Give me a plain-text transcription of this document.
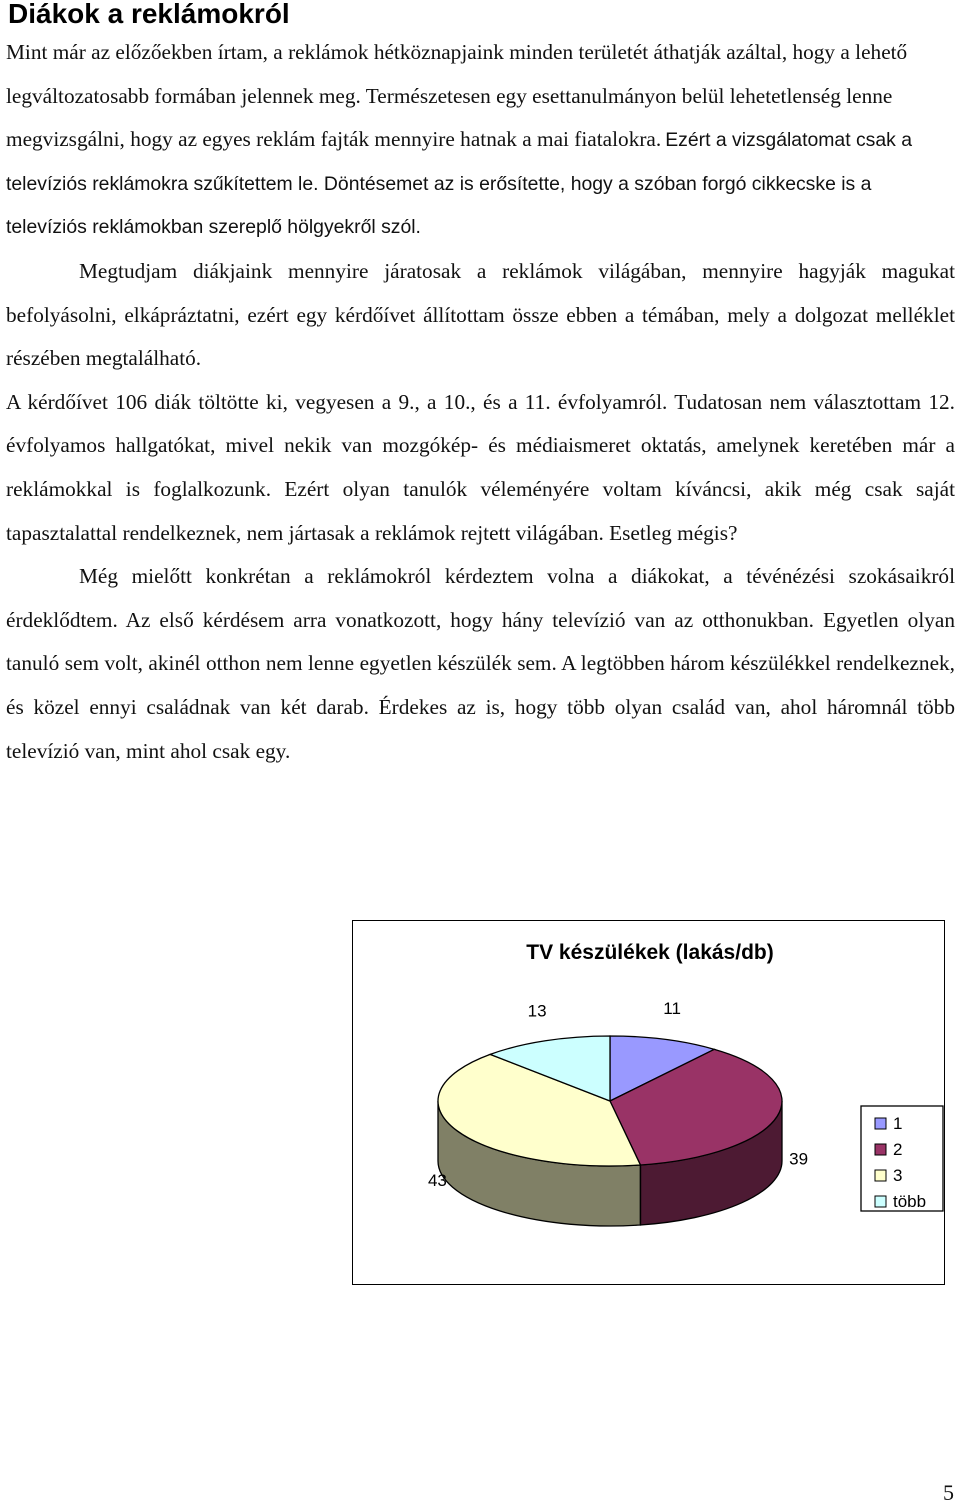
Diákok a reklámokról

Mint már az előzőekben írtam, a reklámok hétköznapjaink minden területét áthatják azáltal, hogy a lehető legváltozatosabb formában jelennek meg. Természetesen egy esettanulmányon belül lehetetlenség lenne megvizsgálni, hogy az egyes reklám fajták mennyire hatnak a mai fiatalokra. Ezért a vizsgálatomat csak a televíziós reklámokra szűkítettem le. Döntésemet az is erősítette, hogy a szóban forgó cikkecske is a televíziós reklámokban szereplő hölgyekről szól.

Megtudjam diákjaink mennyire járatosak a reklámok világában, mennyire hagyják magukat befolyásolni, elkápráztatni, ezért egy kérdőívet állítottam össze ebben a témában, mely a dolgozat melléklet részében megtalálható.

A kérdőívet 106 diák töltötte ki, vegyesen a 9., a 10., és a 11. évfolyamról. Tudatosan nem választottam 12. évfolyamos hallgatókat, mivel nekik van mozgókép- és médiaismeret oktatás, amelynek keretében már a reklámokkal is foglalkozunk. Ezért olyan tanulók véleményére voltam kíváncsi, akik még csak saját tapasztalattal rendelkeznek, nem jártasak a reklámok rejtett világában. Esetleg mégis?

Még mielőtt konkrétan a reklámokról kérdeztem volna a diákokat, a tévénézési szokásaikról érdeklődtem. Az első kérdésem arra vonatkozott, hogy hány televízió van az otthonukban. Egyetlen olyan tanuló sem volt, akinél otthon nem lenne egyetlen készülék sem. A legtöbben három készülékkel rendelkeznek, és közel ennyi családnak van két darab. Érdekes az is, hogy több olyan család van, ahol háromnál több televízió van, mint ahol csak egy.

TV készülékek (lakás/db)
11
39
43
13
1
2
3
több
5
